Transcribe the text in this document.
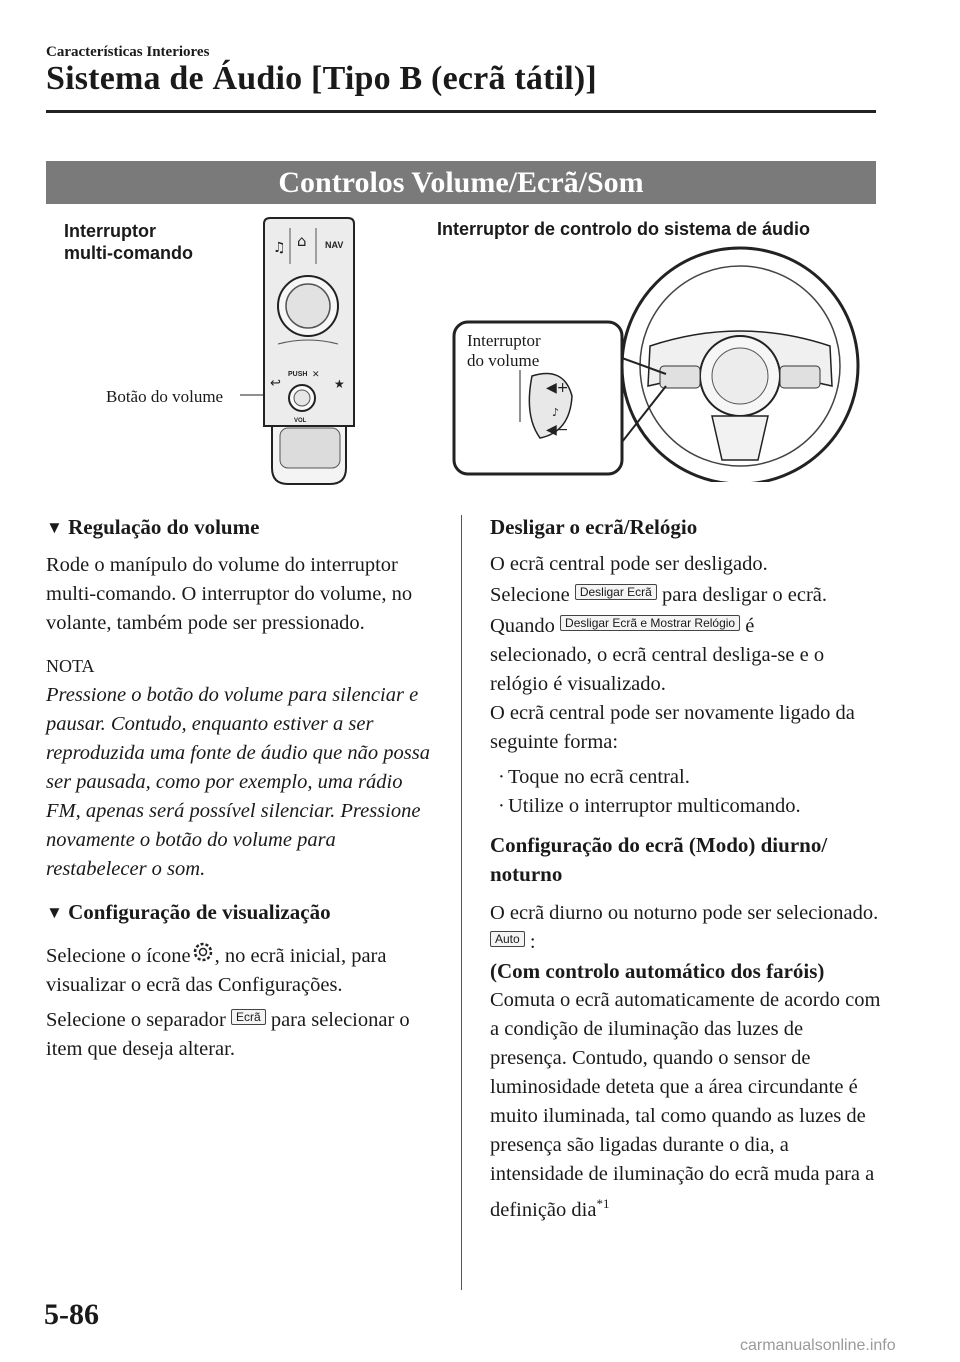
Características Interiores
Sistema de Áudio [Tipo B (ecrã tátil)]
Controlos Volume/Ecrã/Som
Interruptor
multi-comando
Botão do volume
♫ ⌂ NAV
↩	★
PUSH ✕
VOL
Interruptor de controlo do sistema de áudio
◀+
♪
◀−
Interruptor
do volume

▼ Regulação do volume

Rode o manípulo do volume do interruptor multi-comando. O interruptor do volume, no volante, também pode ser pressionado.

NOTA

Pressione o botão do volume para silenciar e pausar. Contudo, enquanto estiver a ser reproduzida uma fonte de áudio que não possa ser pausada, como por exemplo, uma rádio FM, apenas será possível silenciar. Pressione novamente o botão do volume para restabelecer o som.

▼ Configuração de visualização

Selecione o ícone , no ecrã inicial, para visualizar o ecrã das Configurações.

Selecione o separador Ecrã para selecionar o item que deseja alterar.

Desligar o ecrã/Relógio

O ecrã central pode ser desligado.

Selecione Desligar Ecrã para desligar o ecrã.

Quando Desligar Ecrã e Mostrar Relógio é

selecionado, o ecrã central desliga-se e o relógio é visualizado.

O ecrã central pode ser novamente ligado da seguinte forma:

· Toque no ecrã central.
· Utilize o interruptor multicomando.

Configuração do ecrã (Modo) diurno/ noturno

O ecrã diurno ou noturno pode ser selecionado.

Auto :

(Com controlo automático dos faróis)

Comuta o ecrã automaticamente de acordo com a condição de iluminação das luzes de presença. Contudo, quando o sensor de luminosidade deteta que a área circundante é muito iluminada, tal como quando as luzes de presença são ligadas durante o dia, a intensidade de iluminação do ecrã muda para a definição dia$^{*1}$

5-86
carmanualsonline.info
